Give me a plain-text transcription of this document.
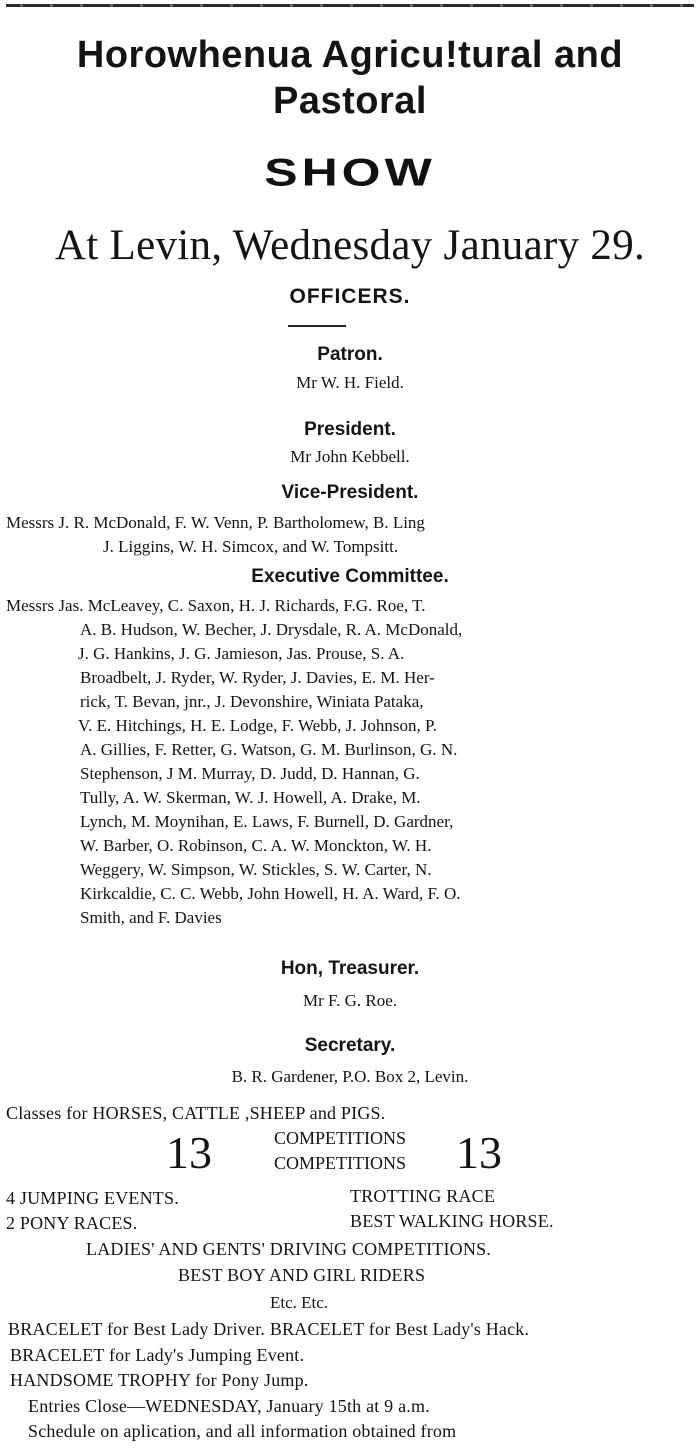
Horowhenua Agricu!tural and
Pastoral
SHOW
At Levin, Wednesday January 29.
OFFICERS.
Patron.
Mr W. H. Field.
President.
Mr John Kebbell.
Vice-President.
Messrs J. R. McDonald, F. W. Venn, P. Bartholomew, B. Ling
J. Liggins, W. H. Simcox, and W. Tompsitt.
Executive Committee.
Messrs Jas. McLeavey, C. Saxon, H. J. Richards, F.G. Roe, T.
A. B. Hudson, W. Becher, J. Drysdale, R. A. McDonald,
J. G. Hankins, J. G. Jamieson, Jas. Prouse, S. A.
Broadbelt, J. Ryder, W. Ryder, J. Davies, E. M. Her-
rick, T. Bevan, jnr., J. Devonshire, Winiata Pataka,
V. E. Hitchings, H. E. Lodge, F. Webb, J. Johnson, P.
A. Gillies, F. Retter, G. Watson, G. M. Burlinson, G. N.
Stephenson, J M. Murray, D. Judd, D. Hannan, G.
Tully, A. W. Skerman, W. J. Howell, A. Drake, M.
Lynch, M. Moynihan, E. Laws, F. Burnell, D. Gardner,
W. Barber, O. Robinson, C. A. W. Monckton, W. H.
Weggery, W. Simpson, W. Stickles, S. W. Carter, N.
Kirkcaldie, C. C. Webb, John Howell, H. A. Ward, F. O.
Smith, and F. Davies
Hon, Treasurer.
Mr F. G. Roe.
Secretary.
B. R. Gardener, P.O. Box 2, Levin.
Classes for HORSES, CATTLE ,SHEEP and PIGS.
13	COMPETITIONS
COMPETITIONS	13
4 JUMPING EVENTS.	TROTTING RACE
2 PONY RACES.	BEST WALKING HORSE.
LADIES' AND GENTS' DRIVING COMPETITIONS.
BEST BOY AND GIRL RIDERS
Etc. Etc.
BRACELET for Best Lady Driver. BRACELET for Best Lady's Hack.
BRACELET for Lady's Jumping Event.
HANDSOME TROPHY for Pony Jump.
Entries Close—WEDNESDAY, January 15th at 9 a.m.
Schedule on aplication, and all information obtained from
